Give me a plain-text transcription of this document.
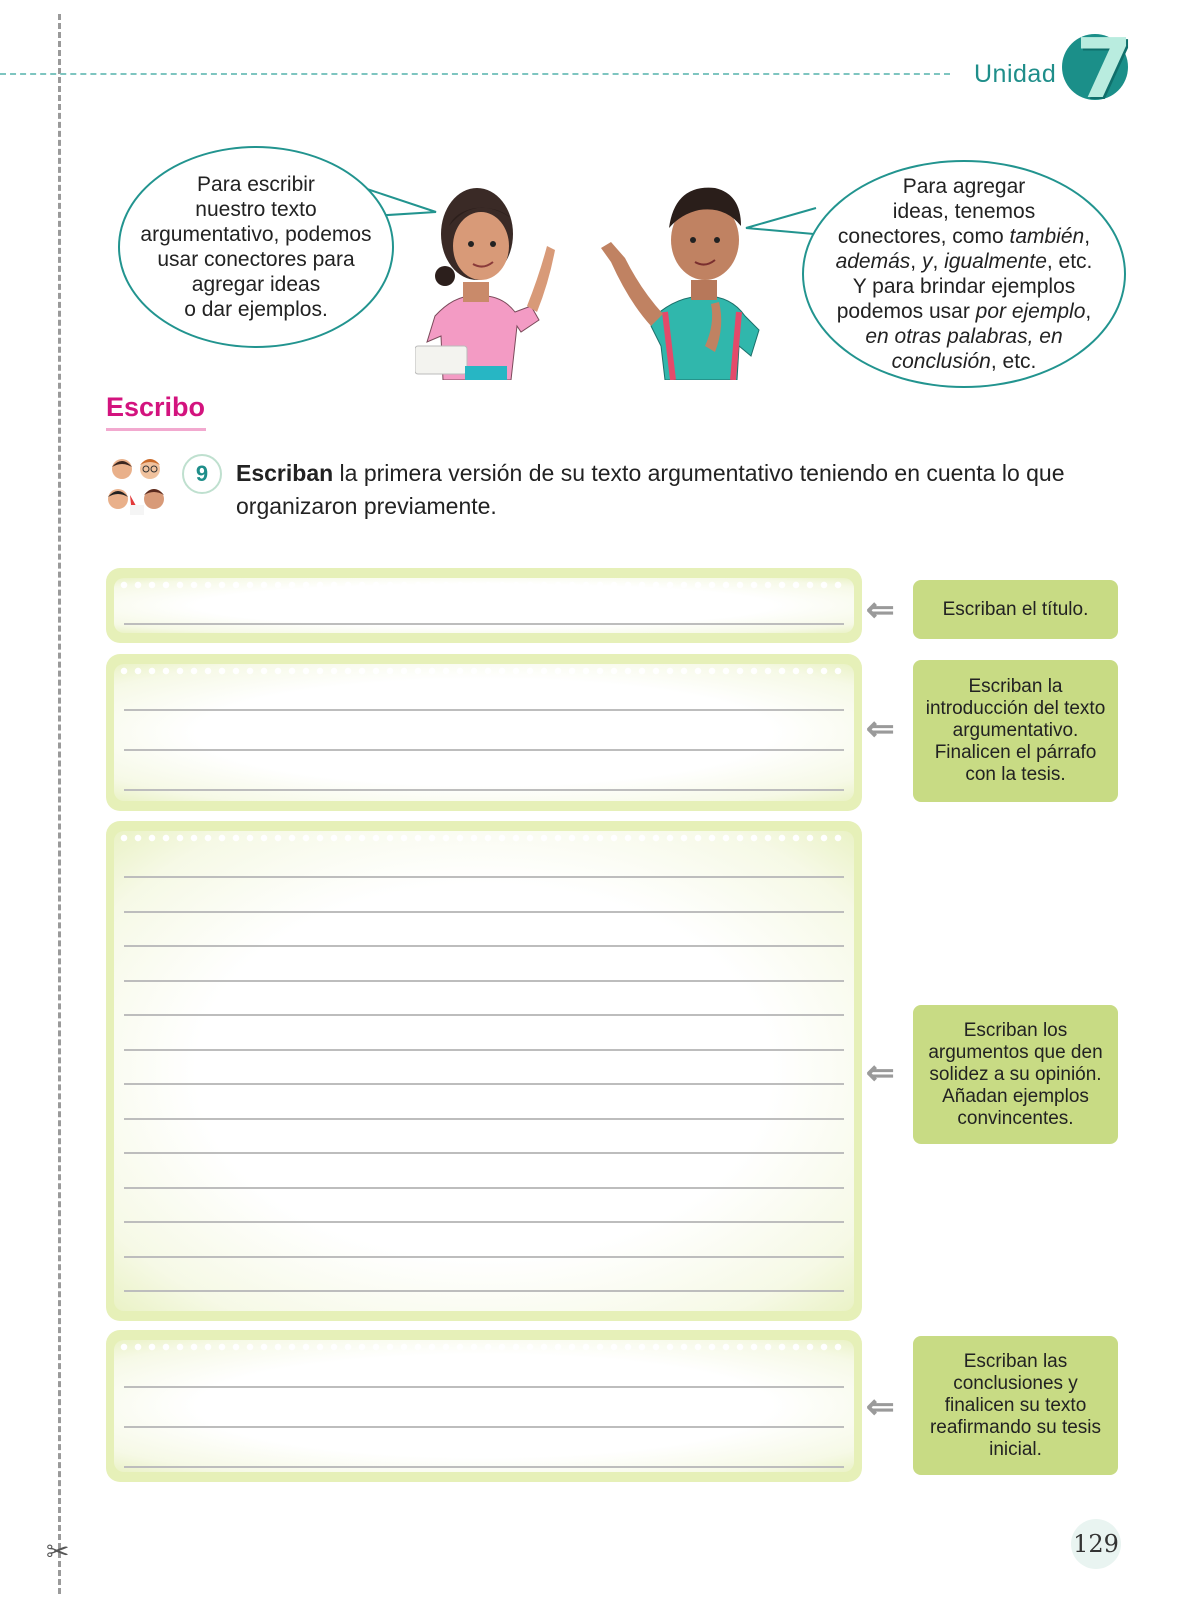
✂
Unidad 7

Para escribir
nuestro texto
argumentativo, podemos
usar conectores para
agregar ideas
o dar ejemplos.

Para agregar
ideas, tenemos
conectores, como también,
además, y, igualmente, etc.
Y para brindar ejemplos
podemos usar por ejemplo,
en otras palabras, en
conclusión, etc.

Escribo
9	Escriban la primera versión de su texto argumentativo teniendo en cuenta lo que organizaron previamente.
⇐	Escriban el título.
⇐
Escriban la introducción del texto argumentativo. Finalicen el párrafo con la tesis.
⇐
Escriban los argumentos que den solidez a su opinión. Añadan ejemplos convincentes.
⇐
Escriban las conclusiones y finalicen su texto reafirmando su tesis inicial.
129
